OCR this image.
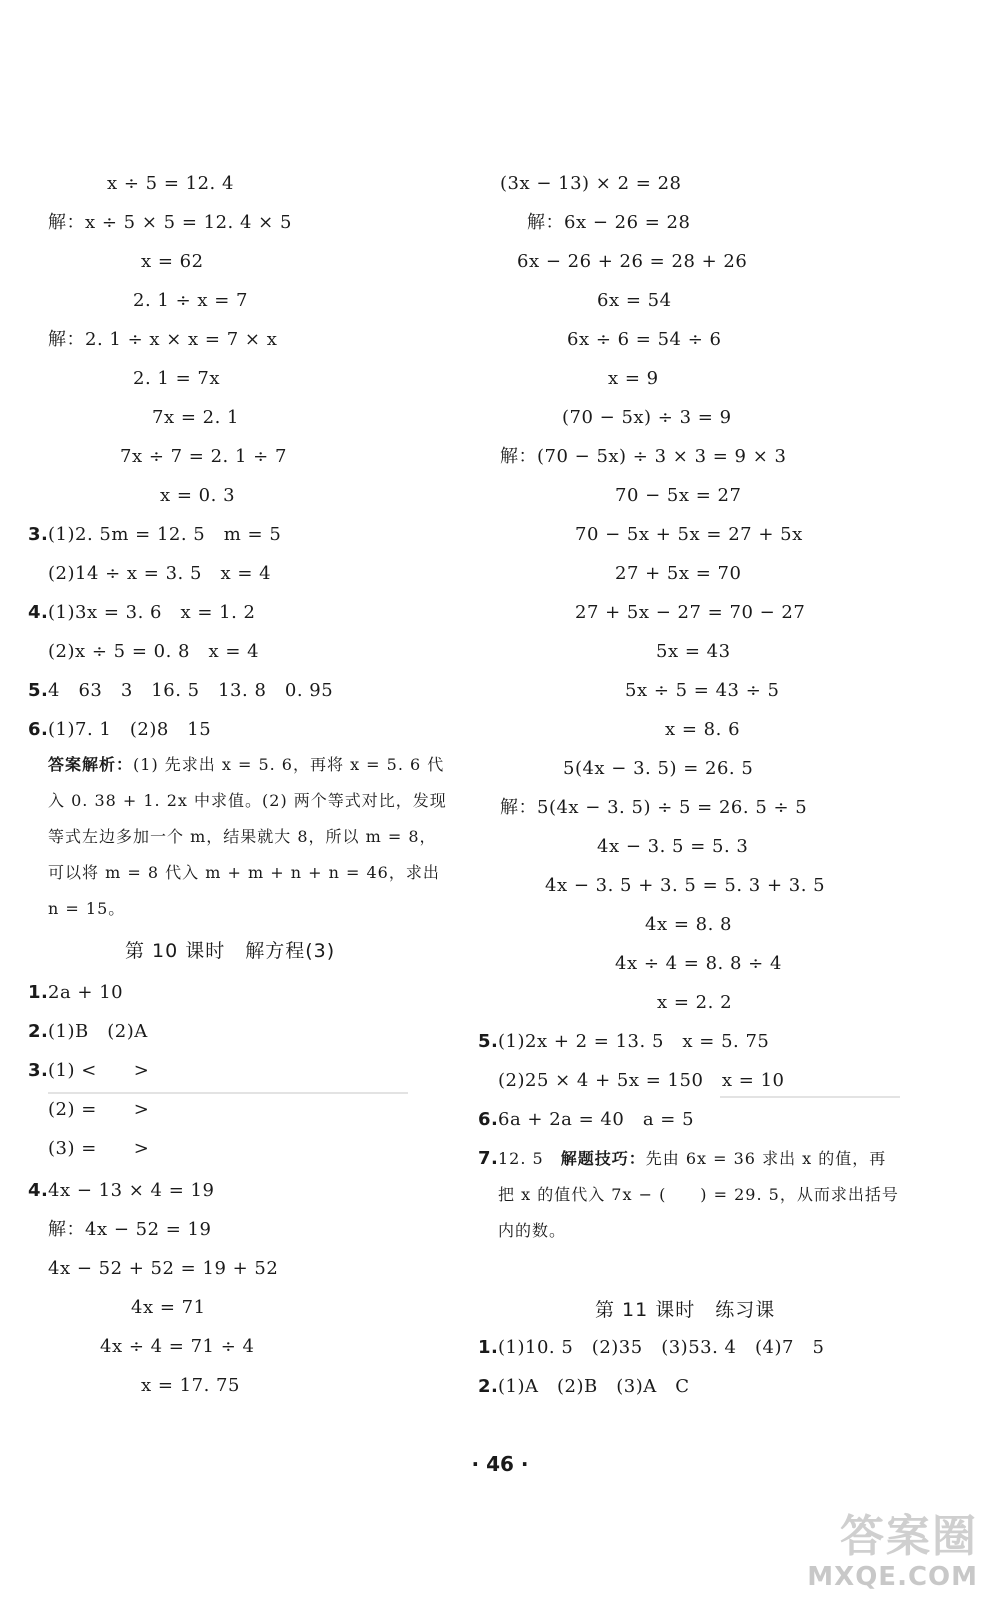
x ÷ 5 = 12. 4
解：x ÷ 5 × 5 = 12. 4 × 5
x = 62
2. 1 ÷ x = 7
解：2. 1 ÷ x × x = 7 × x
2. 1 = 7x
7x = 2. 1
7x ÷ 7 = 2. 1 ÷ 7
x = 0. 3
3. (1)2. 5m = 12. 5　m = 5
(2)14 ÷ x = 3. 5　x = 4
4. (1)3x = 3. 6　x = 1. 2
(2)x ÷ 5 = 0. 8　x = 4
5. 4　63　3　16. 5　13. 8　0. 95
6. (1)7. 1　(2)8　15
答案解析：(1) 先求出 x = 5. 6，再将 x = 5. 6 代入 0. 38 + 1. 2x 中求值。(2) 两个等式对比，发现等式左边多加一个 m，结果就大 8，所以 m = 8，可以将 m = 8 代入 m + m + n + n = 46，求出 n = 15。
第 10 课时　解方程(3)
1. 2a + 10
2. (1)B　(2)A
3. (1) <　　>
(2) =　　>
(3) =　　>
4. 4x − 13 × 4 = 19
解：4x − 52 = 19
4x − 52 + 52 = 19 + 52
4x = 71
4x ÷ 4 = 71 ÷ 4
x = 17. 75
(3x − 13) × 2 = 28
解：6x − 26 = 28
6x − 26 + 26 = 28 + 26
6x = 54
6x ÷ 6 = 54 ÷ 6
x = 9
(70 − 5x) ÷ 3 = 9
解：(70 − 5x) ÷ 3 × 3 = 9 × 3
70 − 5x = 27
70 − 5x + 5x = 27 + 5x
27 + 5x = 70
27 + 5x − 27 = 70 − 27
5x = 43
5x ÷ 5 = 43 ÷ 5
x = 8. 6
5(4x − 3. 5) = 26. 5
解：5(4x − 3. 5) ÷ 5 = 26. 5 ÷ 5
4x − 3. 5 = 5. 3
4x − 3. 5 + 3. 5 = 5. 3 + 3. 5
4x = 8. 8
4x ÷ 4 = 8. 8 ÷ 4
x = 2. 2
5. (1)2x + 2 = 13. 5　x = 5. 75
(2)25 × 4 + 5x = 150　x = 10
6. 6a + 2a = 40　a = 5
7. 12. 5　 解题技巧：先由 6x = 36 求出 x 的值，再把 x 的值代入 7x − (　　) = 29. 5，从而求出括号内的数。
第 11 课时　练习课
1. (1)10. 5　(2)35　(3)53. 4　(4)7　5
2. (1)A　(2)B　(3)A　C
· 46 ·
答案圈
MXQE.COM
